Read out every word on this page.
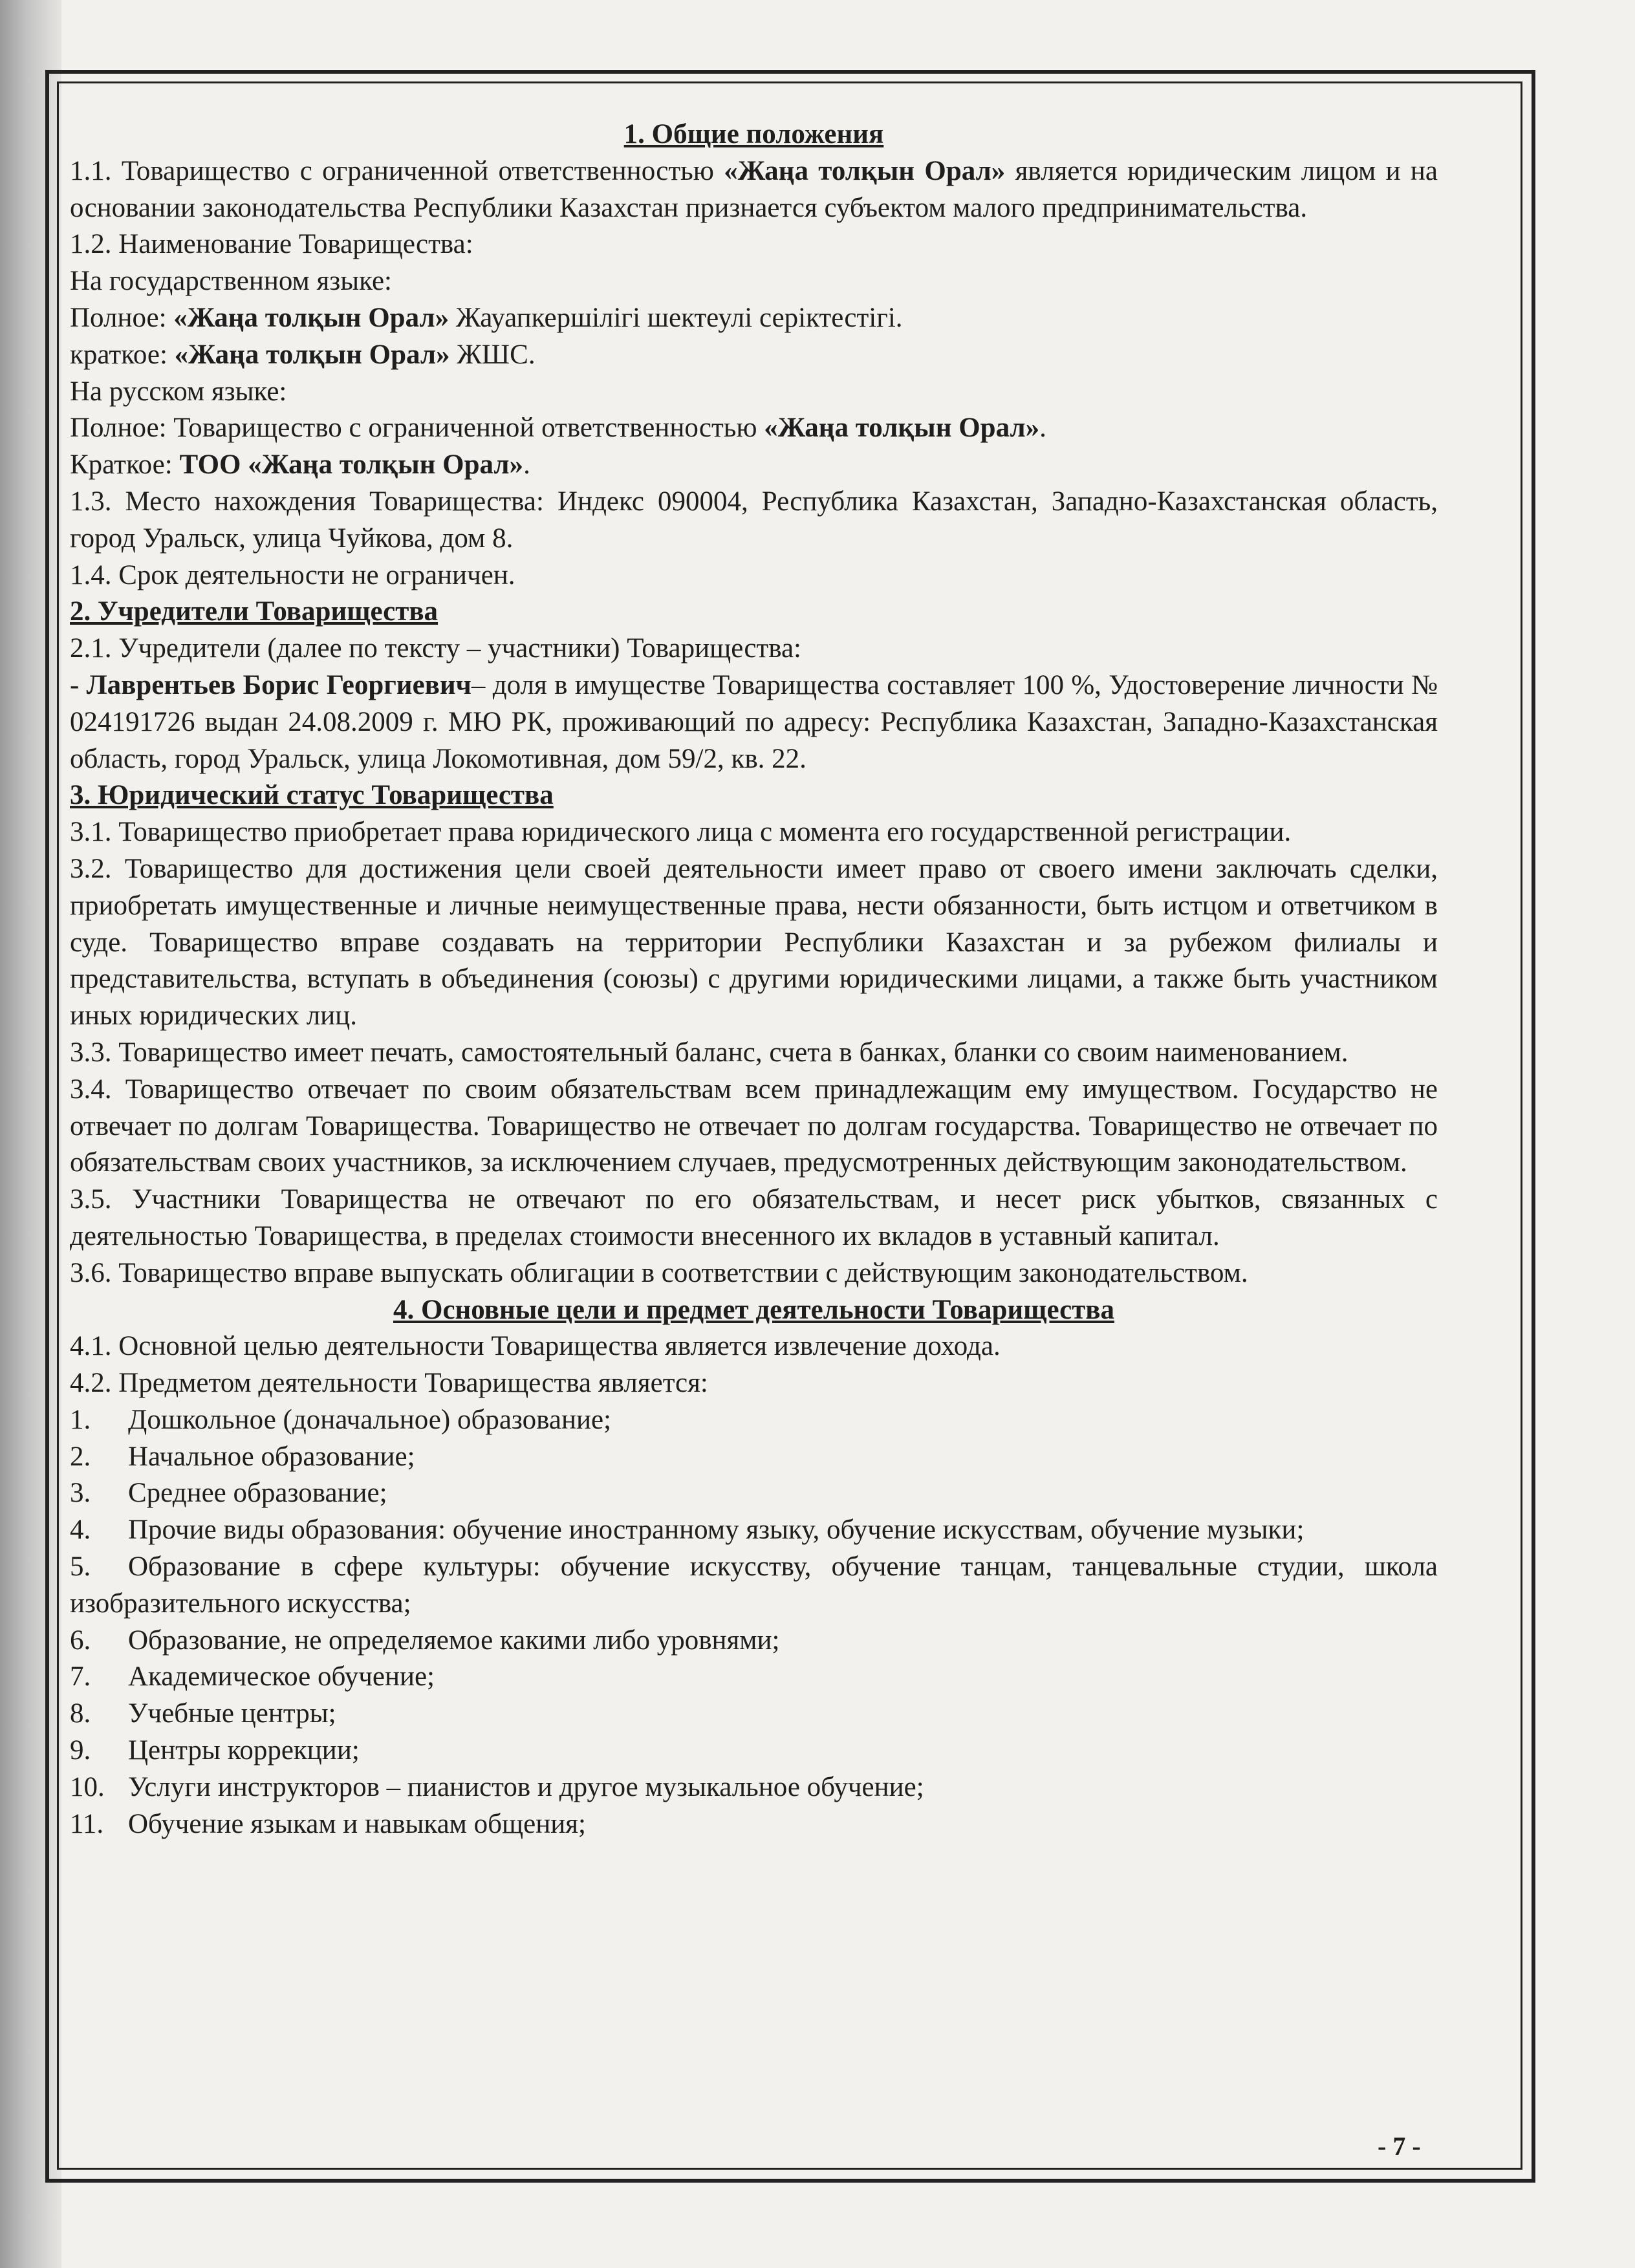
1. Общие положения

1.1. Товарищество с ограниченной ответственностью «Жаңа толқын Орал» является юридическим лицом и на основании законодательства Республики Казахстан признается субъектом малого предпринимательства.

1.2. Наименование Товарищества:

На государственном языке:

Полное: «Жаңа толқын Орал» Жауапкершілігі шектеулі серіктестігі.

краткое: «Жаңа толқын Орал» ЖШС.

На русском языке:

Полное: Товарищество с ограниченной ответственностью «Жаңа толқын Орал».

Краткое: ТОО «Жаңа толқын Орал».

1.3. Место нахождения Товарищества: Индекс 090004, Республика Казахстан, Западно-Казахстанская область, город Уральск, улица Чуйкова, дом 8.

1.4. Срок деятельности не ограничен.

2. Учредители Товарищества

2.1. Учредители (далее по тексту – участники) Товарищества:

- Лаврентьев Борис Георгиевич– доля в имуществе Товарищества составляет 100 %, Удостоверение личности № 024191726 выдан 24.08.2009 г. МЮ РК, проживающий по адресу: Республика Казахстан, Западно-Казахстанская область, город Уральск, улица Локомотивная, дом 59/2, кв. 22.

3. Юридический статус Товарищества

3.1. Товарищество приобретает права юридического лица с момента его государственной регистрации.

3.2. Товарищество для достижения цели своей деятельности имеет право от своего имени заключать сделки, приобретать имущественные и личные неимущественные права, нести обязанности, быть истцом и ответчиком в суде. Товарищество вправе создавать на территории Республики Казахстан и за рубежом филиалы и представительства, вступать в объединения (союзы) с другими юридическими лицами, а также быть участником иных юридических лиц.

3.3. Товарищество имеет печать, самостоятельный баланс, счета в банках, бланки со своим наименованием.

3.4. Товарищество отвечает по своим обязательствам всем принадлежащим ему имуществом. Государство не отвечает по долгам Товарищества. Товарищество не отвечает по долгам государства. Товарищество не отвечает по обязательствам своих участников, за исключением случаев, предусмотренных действующим законодательством.

3.5. Участники Товарищества не отвечают по его обязательствам, и несет риск убытков, связанных с деятельностью Товарищества, в пределах стоимости внесенного их вкладов в уставный капитал.

3.6. Товарищество вправе выпускать облигации в соответствии с действующим законодательством.

4. Основные цели и предмет деятельности Товарищества

4.1. Основной целью деятельности Товарищества является извлечение дохода.

4.2. Предметом деятельности Товарищества является:

1. Дошкольное (доначальное) образование;

2. Начальное образование;

3. Среднее образование;

4. Прочие виды образования: обучение иностранному языку, обучение искусствам, обучение музыки;

5. Образование в сфере культуры: обучение искусству, обучение танцам, танцевальные студии, школа изобразительного искусства;

6. Образование, не определяемое какими либо уровнями;

7. Академическое обучение;

8. Учебные центры;

9. Центры коррекции;

10. Услуги инструкторов – пианистов и другое музыкальное обучение;

11. Обучение языкам и навыкам общения;

- 7 -
